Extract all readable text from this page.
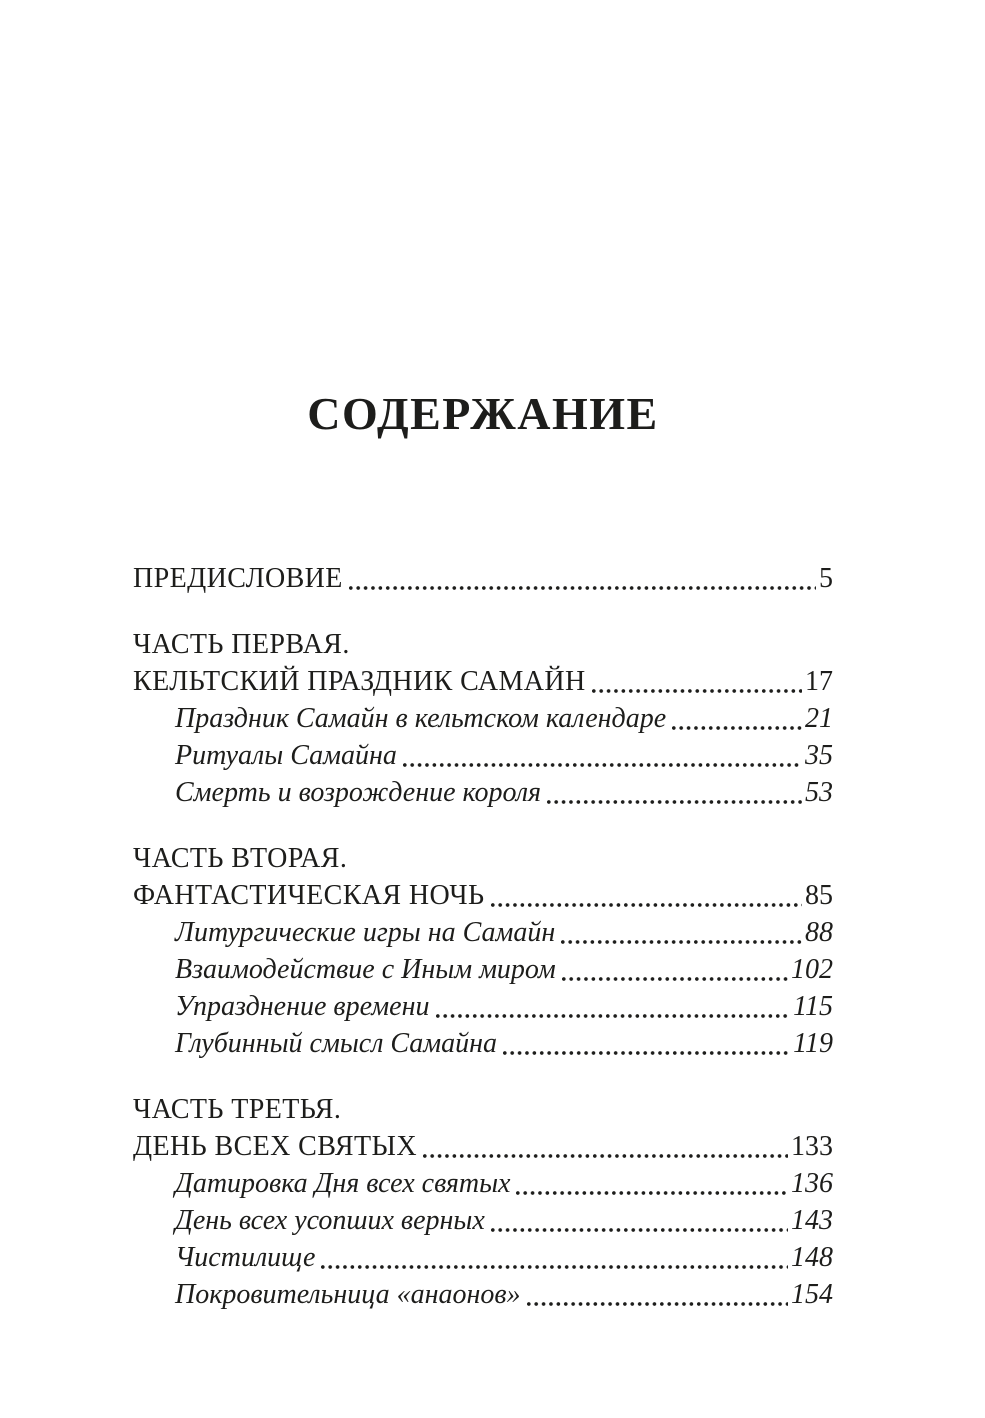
СОДЕРЖАНИЕ
ПРЕДИСЛОВИЕ	5
ЧАСТЬ ПЕРВАЯ.
КЕЛЬТСКИЙ ПРАЗДНИК САМАЙН	17
Праздник Самайн в кельтском календаре	21
Ритуалы Самайна	35
Смерть и возрождение короля	53
ЧАСТЬ ВТОРАЯ.
ФАНТАСТИЧЕСКАЯ НОЧЬ	85
Литургические игры на Самайн	88
Взаимодействие с Иным миром	102
Упразднение времени	115
Глубинный смысл Самайна	119
ЧАСТЬ ТРЕТЬЯ.
ДЕНЬ ВСЕХ СВЯТЫХ	133
Датировка Дня всех святых	136
День всех усопших верных	143
Чистилище	148
Покровительница «анаонов»	154
